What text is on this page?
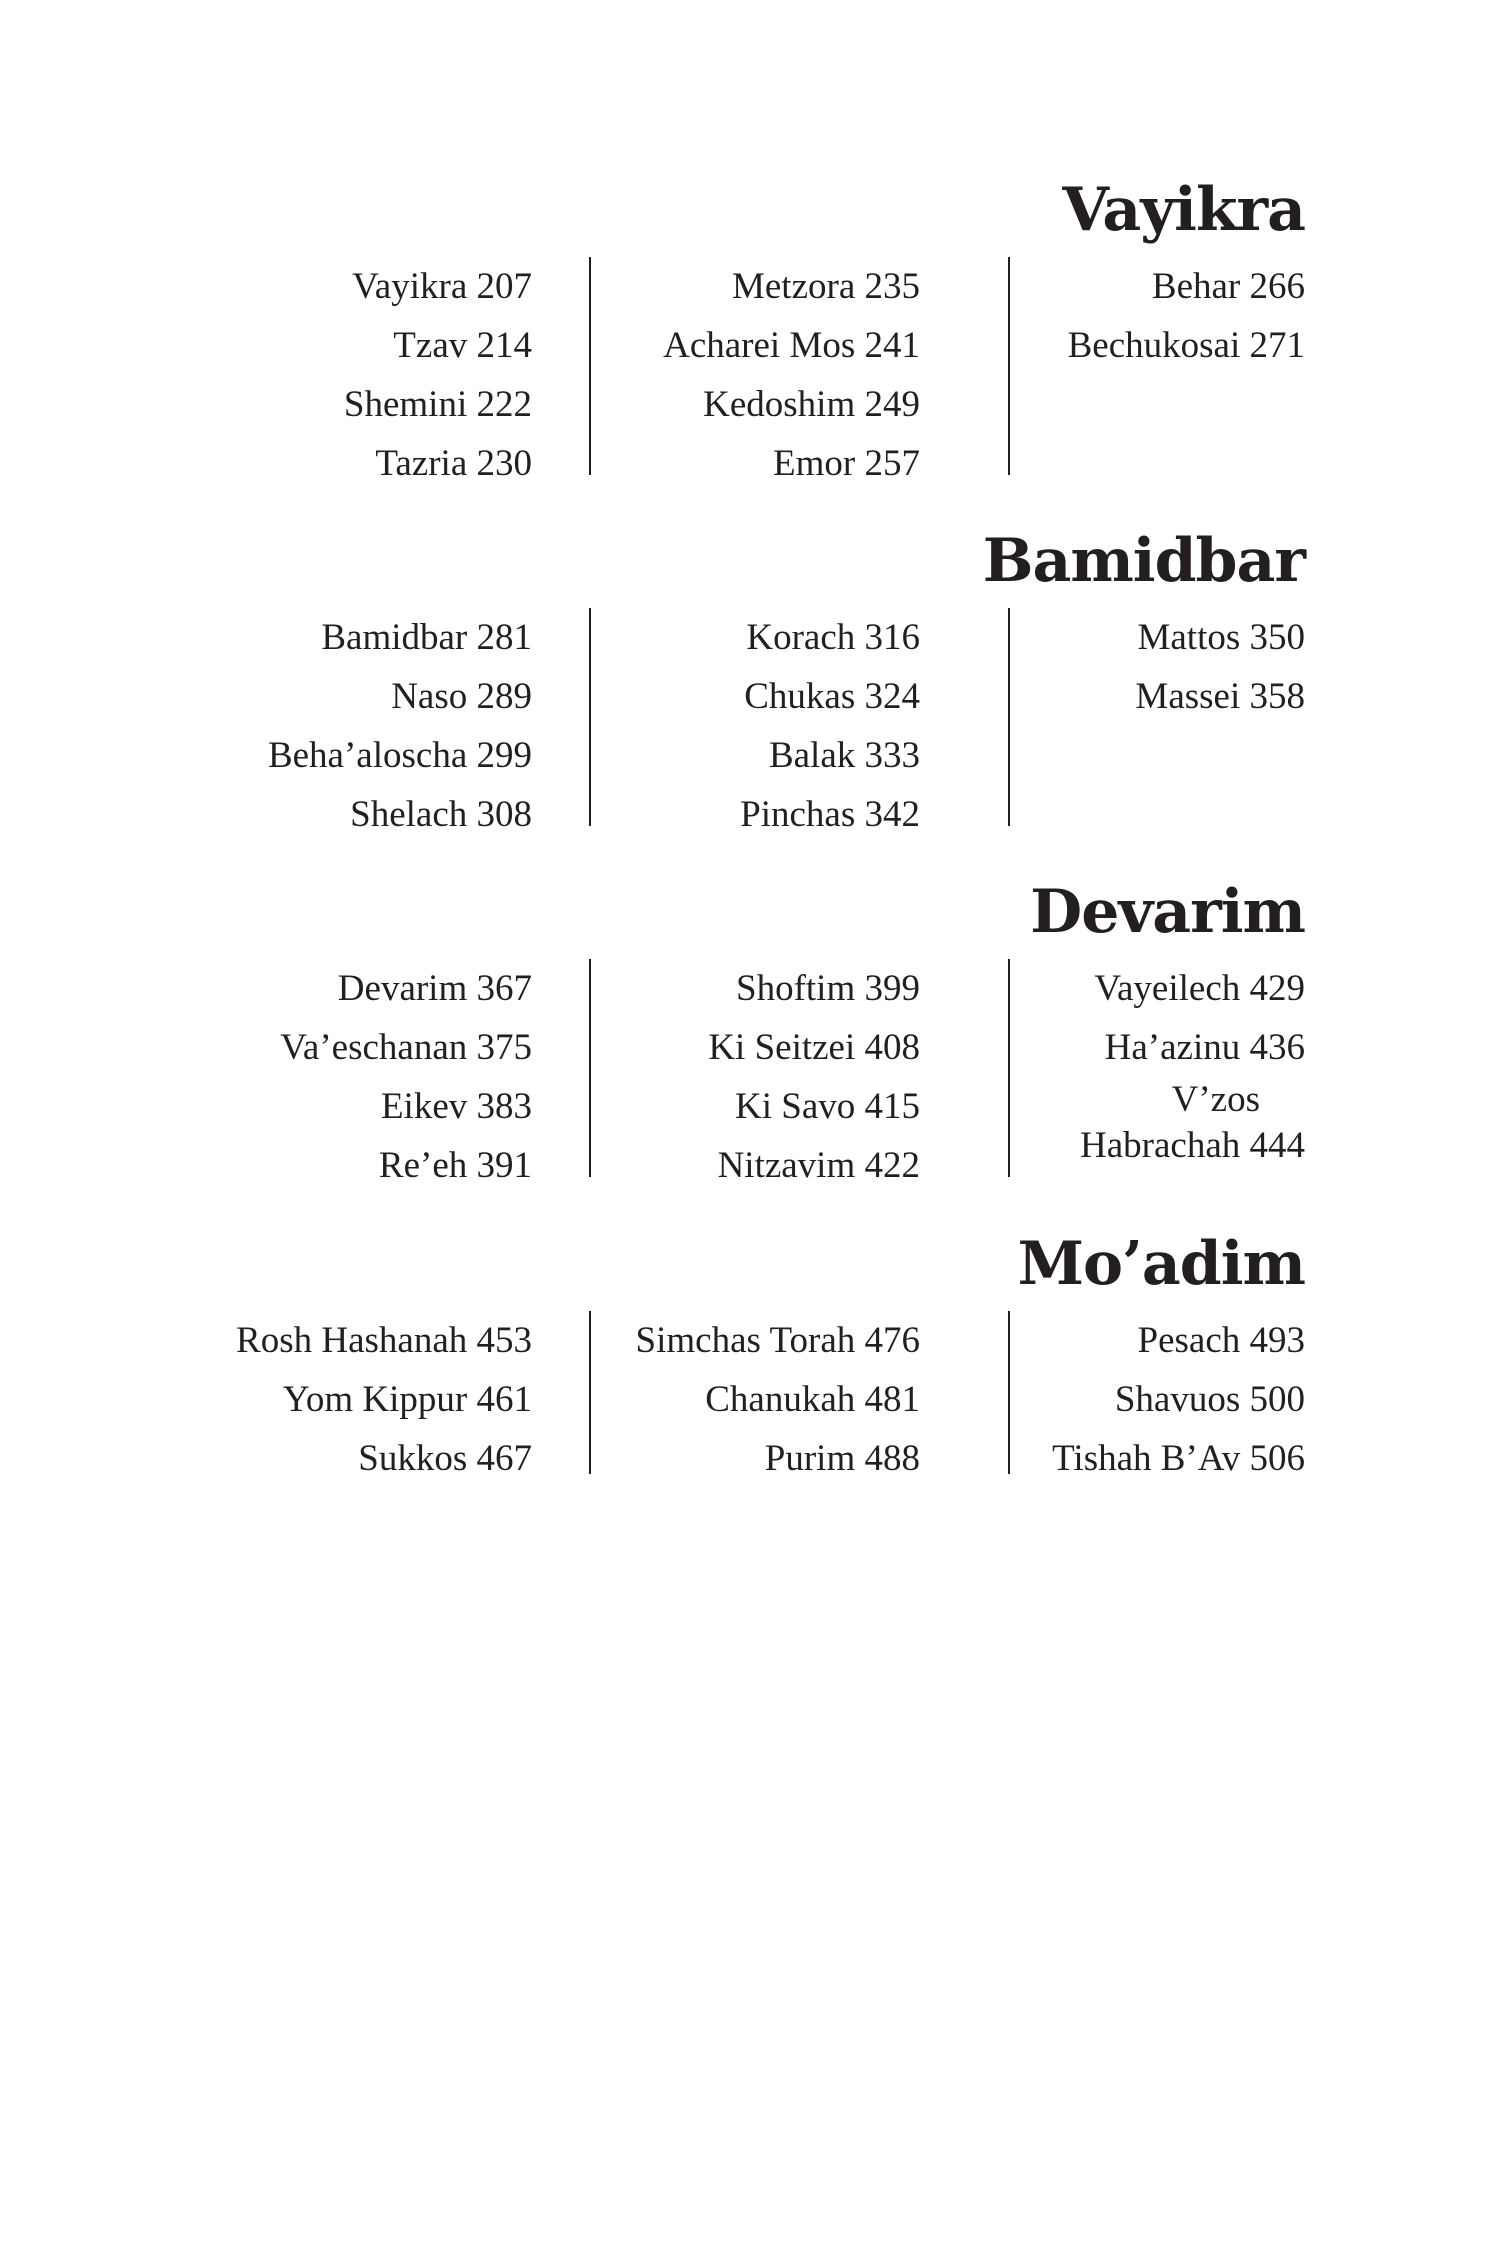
Vayikra
Vayikra 207
Tzav 214
Shemini 222
Tazria 230
Metzora 235
Acharei Mos 241
Kedoshim 249
Emor 257
Behar 266
Bechukosai 271
Bamidbar
Bamidbar 281
Naso 289
Beha’aloscha 299
Shelach 308
Korach 316
Chukas 324
Balak 333
Pinchas 342
Mattos 350
Massei 358
Devarim
Devarim 367
Va’eschanan 375
Eikev 383
Re’eh 391
Shoftim 399
Ki Seitzei 408
Ki Savo 415
Nitzavim 422
Vayeilech 429
Ha’azinu 436
V’zos
Habrachah 444
Mo’adim
Rosh Hashanah 453
Yom Kippur 461
Sukkos 467
Simchas Torah 476
Chanukah 481
Purim 488
Pesach 493
Shavuos 500
Tishah B’Av 506
